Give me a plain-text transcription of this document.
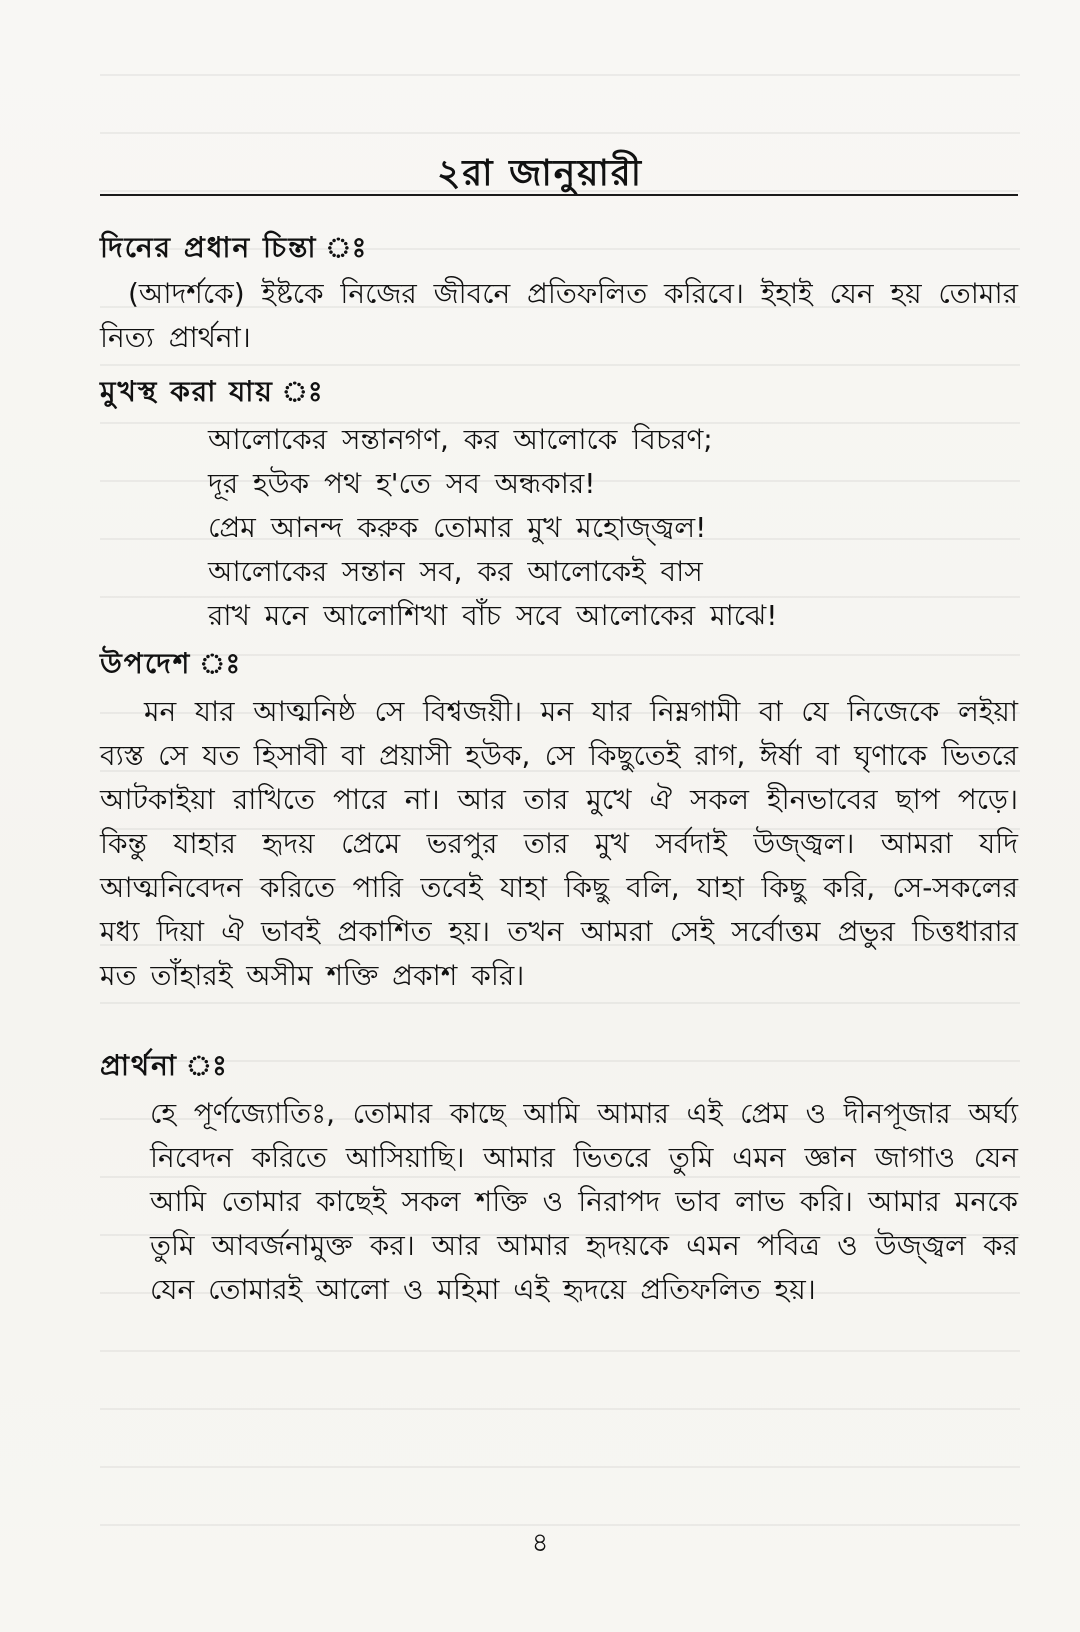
২রা জানুয়ারী
দিনের প্রধান চিন্তা ঃ
(আদর্শকে) ইষ্টকে নিজের জীবনে প্রতিফলিত করিবে। ইহাই যেন হয় তোমার নিত্য প্রার্থনা।
মুখস্থ করা যায় ঃ
আলোকের সন্তানগণ, কর আলোকে বিচরণ;
দূর হউক পথ হ'তে সব অন্ধকার!
প্রেম আনন্দ করুক তোমার মুখ মহোজ্জ্বল!
আলোকের সন্তান সব, কর আলোকেই বাস
রাখ মনে আলোশিখা বাঁচ সবে আলোকের মাঝে!
উপদেশ ঃ
মন যার আত্মনিষ্ঠ সে বিশ্বজয়ী। মন যার নিম্নগামী বা যে নিজেকে লইয়া ব্যস্ত সে যত হিসাবী বা প্রয়াসী হউক, সে কিছুতেই রাগ, ঈর্ষা বা ঘৃণাকে ভিতরে আটকাইয়া রাখিতে পারে না। আর তার মুখে ঐ সকল হীনভাবের ছাপ পড়ে। কিন্তু যাহার হৃদয় প্রেমে ভরপুর তার মুখ সর্বদাই উজ্জ্বল। আমরা যদি আত্মনিবেদন করিতে পারি তবেই যাহা কিছু বলি, যাহা কিছু করি, সে-সকলের মধ্য দিয়া ঐ ভাবই প্রকাশিত হয়। তখন আমরা সেই সর্বোত্তম প্রভুর চিত্তধারার মত তাঁহারই অসীম শক্তি প্রকাশ করি।
প্রার্থনা ঃ
হে পূর্ণজ্যোতিঃ, তোমার কাছে আমি আমার এই প্রেম ও দীনপূজার অর্ঘ্য নিবেদন করিতে আসিয়াছি। আমার ভিতরে তুমি এমন জ্ঞান জাগাও যেন আমি তোমার কাছেই সকল শক্তি ও নিরাপদ ভাব লাভ করি। আমার মনকে তুমি আবর্জনামুক্ত কর। আর আমার হৃদয়কে এমন পবিত্র ও উজ্জ্বল কর যেন তোমারই আলো ও মহিমা এই হৃদয়ে প্রতিফলিত হয়।
৪
